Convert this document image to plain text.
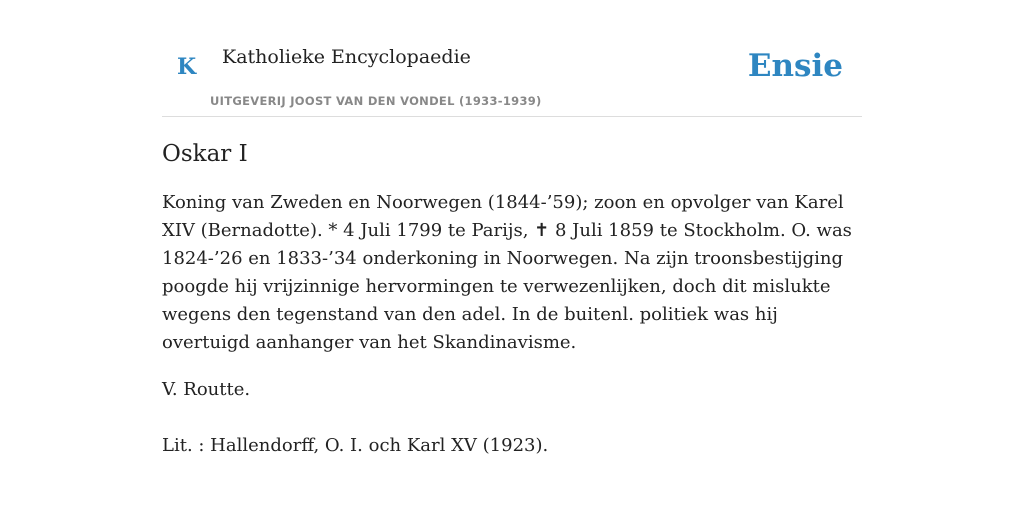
K Katholieke Encyclopaedie
UITGEVERIJ JOOST VAN DEN VONDEL (1933-1939)
Ensie
Oskar I

Koning van Zweden en Noorwegen (1844-’59); zoon en opvolger van Karel XIV (Bernadotte). * 4 Juli 1799 te Parijs, ✝ 8 Juli 1859 te Stockholm. O. was 1824-’26 en 1833-’34 onderkoning in Noorwegen. Na zijn troonsbestijging poogde hij vrijzinnige hervormingen te verwezenlijken, doch dit mislukte wegens den tegenstand van den adel. In de buitenl. politiek was hij overtuigd aanhanger van het Skandinavisme.

V. Routte.

Lit. : Hallendorff, O. I. och Karl XV (1923).
